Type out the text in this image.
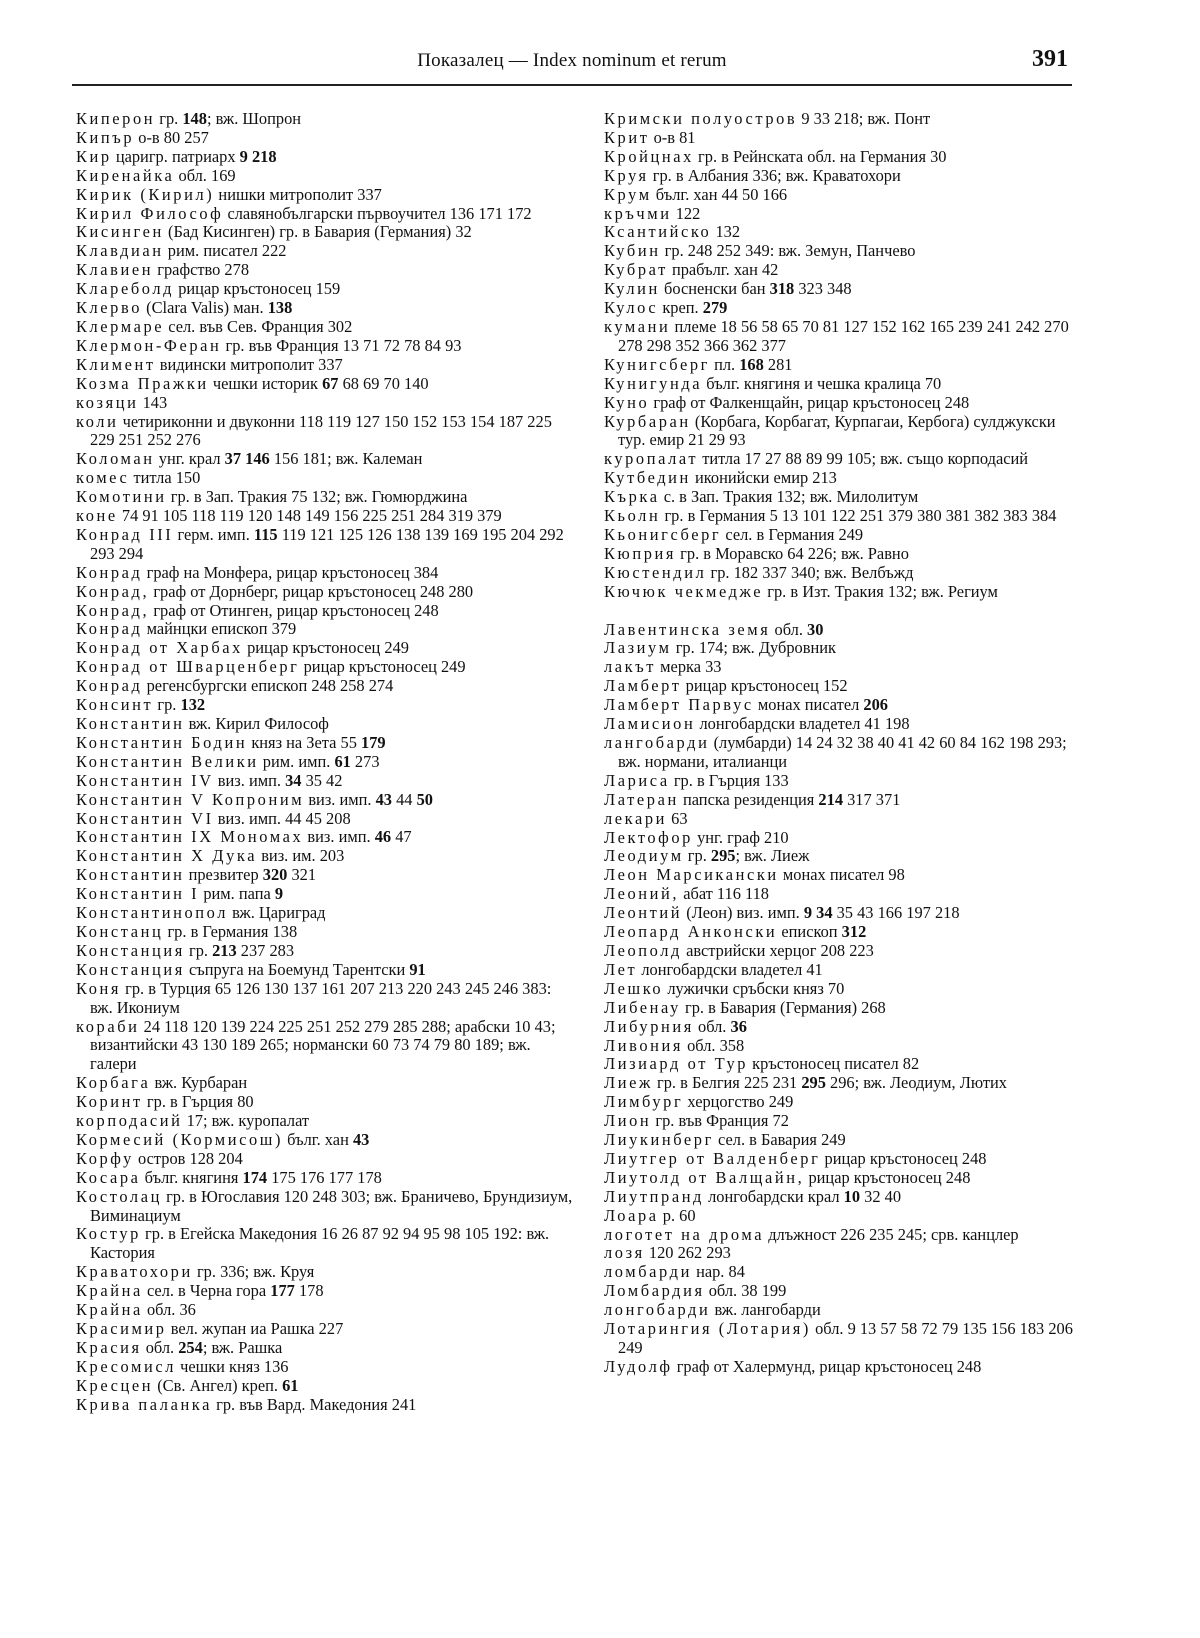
Показалец — Index nominum et rerum	391

Киперон гр. 148; вж. Шопрон

Кипър о-в 80 257

Кир царигр. патриарх 9 218

Киренайка обл. 169

Кирик (Кирил) нишки митрополит 337

Кирил Философ славянобългарски първоучител 136 171 172

Кисинген (Бад Кисинген) гр. в Бавария (Германия) 32

Клавдиан рим. писател 222

Клавиен графство 278

Клареболд рицар кръстоносец 159

Клерво (Clara Valis) ман. 138

Клермаре сел. във Сев. Франция 302

Клермон-Феран гр. във Франция 13 71 72 78 84 93

Климент видински митрополит 337

Козма Пражки чешки историк 67 68 69 70 140

козяци 143

коли четириконни и двуконни 118 119 127 150 152 153 154 187 225 229 251 252 276

Коломан унг. крал 37 146 156 181; вж. Калеман

комес титла 150

Комотини гр. в Зап. Тракия 75 132; вж. Гюмюрджина

коне 74 91 105 118 119 120 148 149 156 225 251 284 319 379

Конрад III герм. имп. 115 119 121 125 126 138 139 169 195 204 292 293 294

Конрад граф на Монфера, рицар кръстоносец 384

Конрад, граф от Дорнберг, рицар кръстоносец 248 280

Конрад, граф от Отинген, рицар кръстоносец 248

Конрад майнцки епископ 379

Конрад от Харбах рицар кръстоносец 249

Конрад от Шварценберг рицар кръстоносец 249

Конрад регенсбургски епископ 248 258 274

Консинт гр. 132

Константин вж. Кирил Философ

Константин Бодин княз на Зета 55 179

Константин Велики рим. имп. 61 273

Константин IV виз. имп. 34 35 42

Константин V Копроним виз. имп. 43 44 50

Константин VI виз. имп. 44 45 208

Константин IX Мономах виз. имп. 46 47

Константин X Дука виз. им. 203

Константин презвитер 320 321

Константин I рим. папа 9

Константинопол вж. Цариград

Констанц гр. в Германия 138

Констанция гр. 213 237 283

Констанция съпруга на Боемунд Тарентски 91

Коня гр. в Турция 65 126 130 137 161 207 213 220 243 245 246 383: вж. Икониум

кораби 24 118 120 139 224 225 251 252 279 285 288; арабски 10 43; византийски 43 130 189 265; нормански 60 73 74 79 80 189; вж. галери

Корбага вж. Курбаран

Коринт гр. в Гърция 80

корподасий 17; вж. куропалат

Кормесий (Кормисош) бълг. хан 43

Корфу остров 128 204

Косара бълг. княгиня 174 175 176 177 178

Костолац гр. в Югославия 120 248 303; вж. Браничево, Брундизиум, Виминациум

Костур гр. в Егейска Македония 16 26 87 92 94 95 98 105 192: вж. Кастория

Краватохори гр. 336; вж. Круя

Крайна сел. в Черна гора 177 178

Крайна обл. 36

Красимир вел. жупан иа Рашка 227

Красия обл. 254; вж. Рашка

Кресомисл чешки княз 136

Кресцен (Св. Ангел) креп. 61

Крива паланка гр. във Вард. Македония 241

Кримски полуостров 9 33 218; вж. Понт

Крит о-в 81

Кройцнах гр. в Рейнската обл. на Германия 30

Круя гр. в Албания 336; вж. Краватохори

Крум бълг. хан 44 50 166

кръчми 122

Ксантийско 132

Кубин гр. 248 252 349: вж. Земун, Панчево

Кубрат прабълг. хан 42

Кулин босненски бан 318 323 348

Кулос креп. 279

кумани племе 18 56 58 65 70 81 127 152 162 165 239 241 242 270 278 298 352 366 362 377

Кунигсберг пл. 168 281

Кунигунда бълг. княгиня и чешка кралица 70

Куно граф от Фалкенщайн, рицар кръстоносец 248

Курбаран (Корбага, Корбагат, Курпагаи, Кербога) сулджукски тур. емир 21 29 93

куропалат титла 17 27 88 89 99 105; вж. също корподасий

Кутбедин иконийски емир 213

Кърка с. в Зап. Тракия 132; вж. Милолитум

Кьолн гр. в Германия 5 13 101 122 251 379 380 381 382 383 384

Кьонигсберг сел. в Германия 249

Кюприя гр. в Моравско 64 226; вж. Равно

Кюстендил гр. 182 337 340; вж. Велбъжд

Кючюк чекмедже гр. в Изт. Тракия 132; вж. Региум

Лавентинска земя обл. 30

Лазиум гр. 174; вж. Дубровник

лакът мерка 33

Ламберт рицар кръстоносец 152

Ламберт Парвус монах писател 206

Ламисион лонгобардски владетел 41 198

лангобарди (лумбарди) 14 24 32 38 40 41 42 60 84 162 198 293; вж. нормани, италианци

Лариса гр. в Гърция 133

Латеран папска резиденция 214 317 371

лекари 63

Лектофор унг. граф 210

Леодиум гр. 295; вж. Лиеж

Леон Марсикански монах писател 98

Леоний, абат 116 118

Леонтий (Леон) виз. имп. 9 34 35 43 166 197 218

Леопард Анконски епископ 312

Леополд австрийски херцог 208 223

Лет лонгобардски владетел 41

Лешко лужички сръбски княз 70

Либенау гр. в Бавария (Германия) 268

Либурния обл. 36

Ливония обл. 358

Лизиард от Тур кръстоносец писател 82

Лиеж гр. в Белгия 225 231 295 296; вж. Леодиум, Лютих

Лимбург херцогство 249

Лион гр. във Франция 72

Лиукинберг сел. в Бавария 249

Лиутгер от Валденберг рицар кръстоносец 248

Лиутолд от Валщайн, рицар кръстоносец 248

Лиутпранд лонгобардски крал 10 32 40

Лоара р. 60

логотет на дрома длъжност 226 235 245; срв. канцлер

лозя 120 262 293

ломбарди нар. 84

Ломбардия обл. 38 199

лонгобарди вж. лангобарди

Лотарингия (Лотария) обл. 9 13 57 58 72 79 135 156 183 206 249

Лудолф граф от Халермунд, рицар кръстоносец 248
